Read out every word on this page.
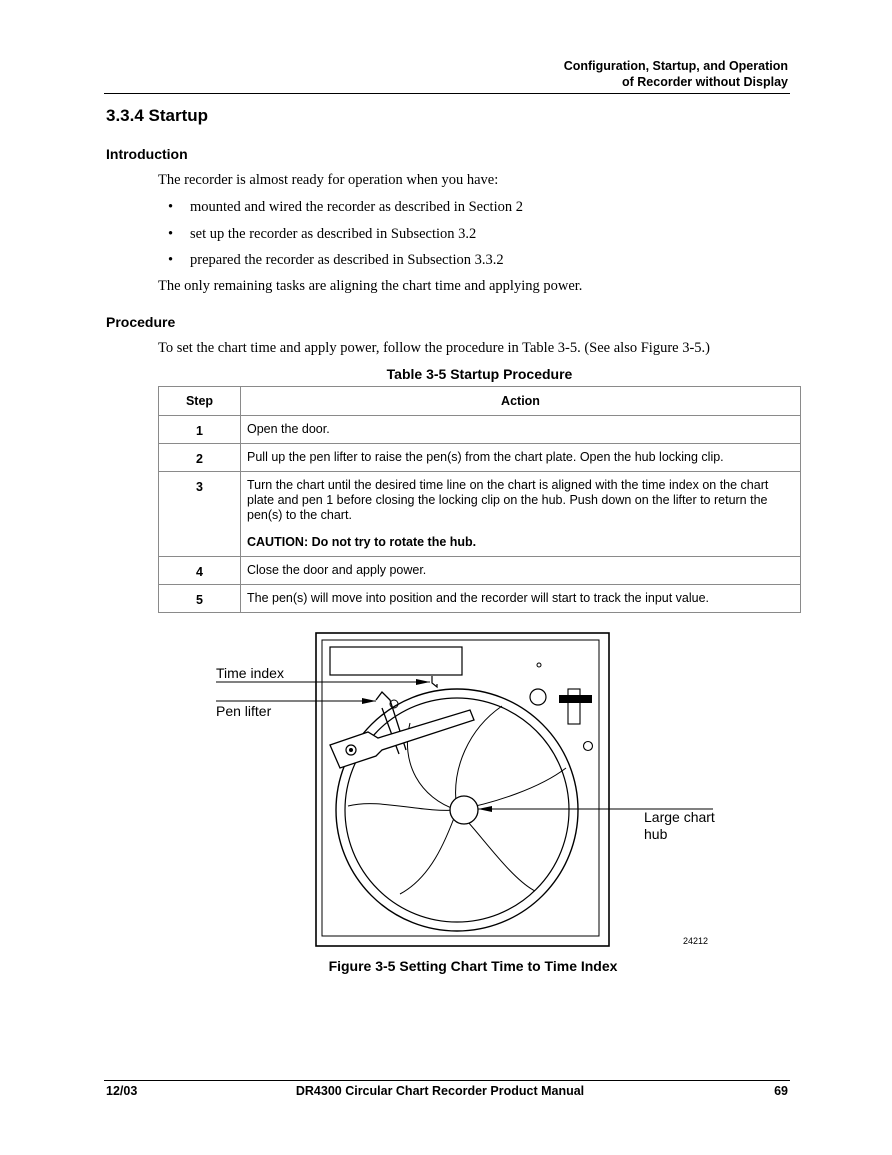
Configuration, Startup, and Operation
of Recorder without Display
3.3.4 Startup
Introduction
The recorder is almost ready for operation when you have:
• mounted and wired the recorder as described in Section 2
• set up the recorder as described in Subsection 3.2
• prepared the recorder as described in Subsection 3.3.2
The only remaining tasks are aligning the chart time and applying power.
Procedure
To set the chart time and apply power, follow the procedure in Table 3-5. (See also Figure 3-5.)
Table 3-5 Startup Procedure
Step	Action
1	Open the door.
2	Pull up the pen lifter to raise the pen(s) from the chart plate. Open the hub locking clip.
3	Turn the chart until the desired time line on the chart is aligned with the time index on the chart plate and pen 1 before closing the locking clip on the hub. Push down on the lifter to return the pen(s) to the chart.
CAUTION: Do not try to rotate the hub.

4	Close the door and apply power.
5	The pen(s) will move into position and the recorder will start to track the input value.
Time index
Pen lifter
Large chart
hub
24212
Figure 3-5 Setting Chart Time to Time Index
12/03	DR4300 Circular Chart Recorder Product Manual	69
